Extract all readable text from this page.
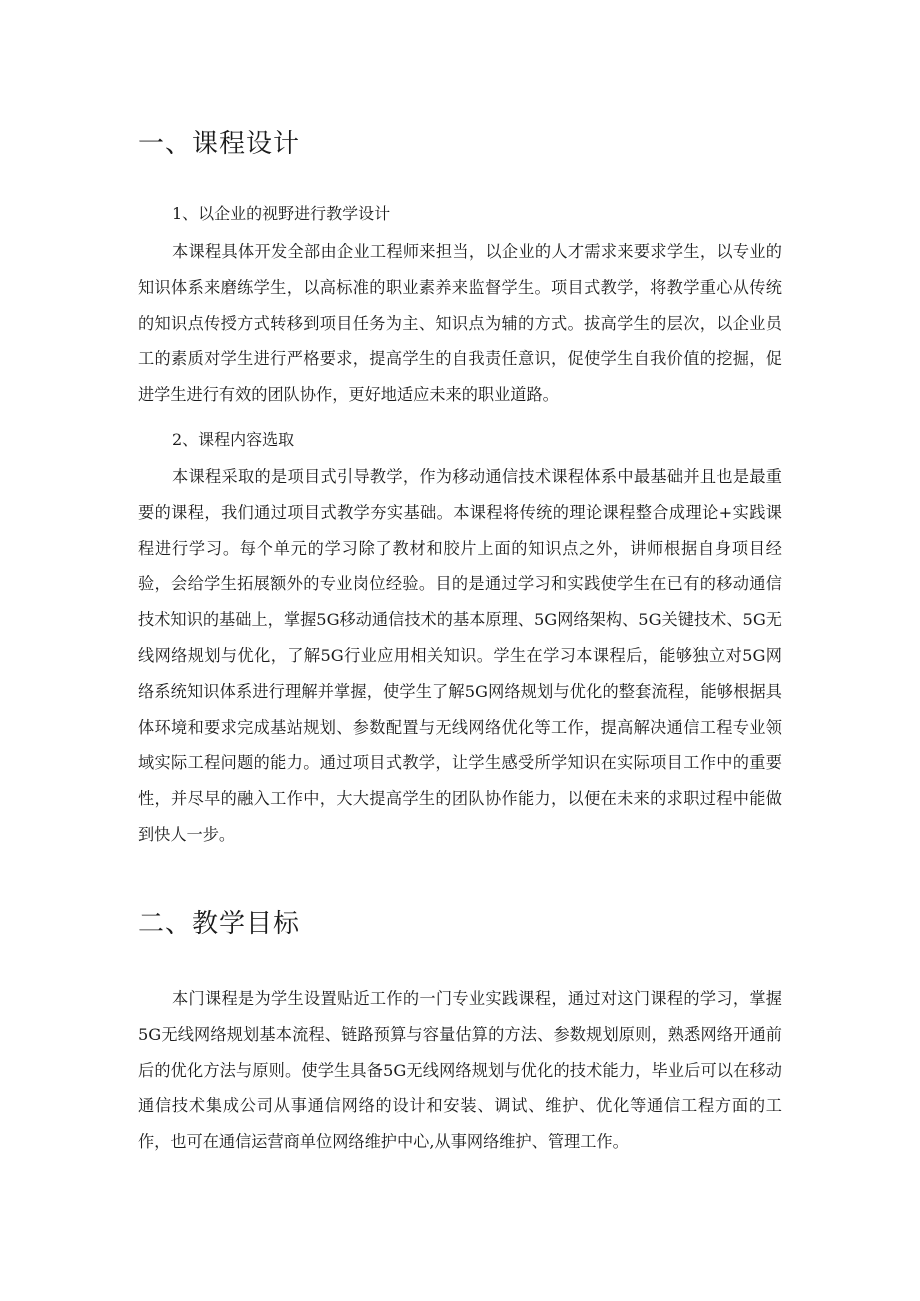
一、课程设计

1、以企业的视野进行教学设计

本课程具体开发全部由企业工程师来担当，以企业的人才需求来要求学生，以专业的知识体系来磨练学生，以高标准的职业素养来监督学生。项目式教学，将教学重心从传统的知识点传授方式转移到项目任务为主、知识点为辅的方式。拔高学生的层次，以企业员工的素质对学生进行严格要求，提高学生的自我责任意识，促使学生自我价值的挖掘，促进学生进行有效的团队协作，更好地适应未来的职业道路。

2、课程内容选取

本课程采取的是项目式引导教学，作为移动通信技术课程体系中最基础并且也是最重要的课程，我们通过项目式教学夯实基础。本课程将传统的理论课程整合成理论+实践课程进行学习。每个单元的学习除了教材和胶片上面的知识点之外，讲师根据自身项目经验，会给学生拓展额外的专业岗位经验。目的是通过学习和实践使学生在已有的移动通信技术知识的基础上，掌握5G移动通信技术的基本原理、5G网络架构、5G关键技术、5G无线网络规划与优化，了解5G行业应用相关知识。学生在学习本课程后，能够独立对5G网络系统知识体系进行理解并掌握，使学生了解5G网络规划与优化的整套流程，能够根据具体环境和要求完成基站规划、参数配置与无线网络优化等工作，提高解决通信工程专业领域实际工程问题的能力。通过项目式教学，让学生感受所学知识在实际项目工作中的重要性，并尽早的融入工作中，大大提高学生的团队协作能力，以便在未来的求职过程中能做到快人一步。

二、教学目标

本门课程是为学生设置贴近工作的一门专业实践课程，通过对这门课程的学习，掌握5G无线网络规划基本流程、链路预算与容量估算的方法、参数规划原则，熟悉网络开通前后的优化方法与原则。使学生具备5G无线网络规划与优化的技术能力，毕业后可以在移动通信技术集成公司从事通信网络的设计和安装、调试、维护、优化等通信工程方面的工作，也可在通信运营商单位网络维护中心,从事网络维护、管理工作。
